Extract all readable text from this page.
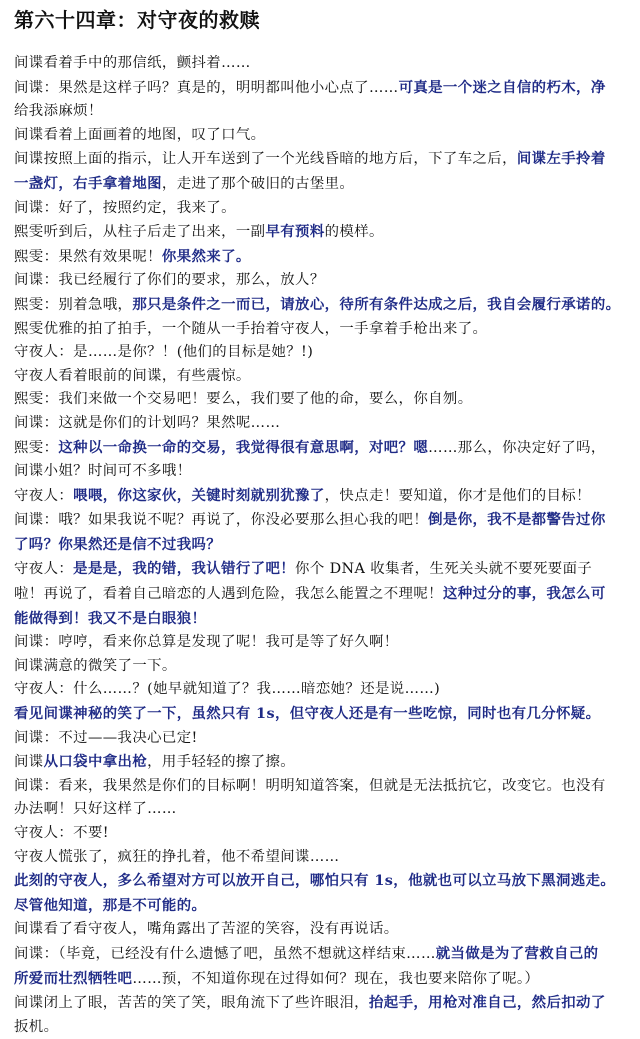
第六十四章：对守夜的救赎
间谍看着手中的那信纸，颤抖着……
间谍：果然是这样子吗？真是的，明明都叫他小心点了……可真是一个迷之自信的朽木，净
给我添麻烦！
间谍看着上面画着的地图，叹了口气。
间谍按照上面的指示，让人开车送到了一个光线昏暗的地方后，下了车之后，间谍左手拎着
一盏灯，右手拿着地图，走进了那个破旧的古堡里。
间谍：好了，按照约定，我来了。
熙雯听到后，从柱子后走了出来，一副早有预料的模样。
熙雯：果然有效果呢！你果然来了。
间谍：我已经履行了你们的要求，那么，放人？
熙雯：别着急哦，那只是条件之一而已，请放心，待所有条件达成之后，我自会履行承诺的。
熙雯优雅的拍了拍手，一个随从一手抬着守夜人，一手拿着手枪出来了。
守夜人：是……是你？！(他们的目标是她？!)
守夜人看着眼前的间谍，有些震惊。
熙雯：我们来做一个交易吧！要么，我们要了他的命，要么，你自刎。
间谍：这就是你们的计划吗？果然呢……
熙雯：这种以一命换一命的交易，我觉得很有意思啊，对吧？嗯……那么，你决定好了吗，
间谍小姐？时间可不多哦！
守夜人：喂喂，你这家伙，关键时刻就别犹豫了，快点走！要知道，你才是他们的目标！
间谍：哦？如果我说不呢？再说了，你没必要那么担心我的吧！倒是你，我不是都警告过你
了吗？你果然还是信不过我吗？
守夜人：是是是，我的错，我认错行了吧！你个 DNA 收集者，生死关头就不要死要面子
啦！再说了，看着自己暗恋的人遇到危险，我怎么能置之不理呢！这种过分的事，我怎么可
能做得到！我又不是白眼狼！
间谍：哼哼，看来你总算是发现了呢！我可是等了好久啊！
间谍满意的微笑了一下。
守夜人：什么……？(她早就知道了？我……暗恋她？还是说……)
看见间谍神秘的笑了一下，虽然只有 1s，但守夜人还是有一些吃惊，同时也有几分怀疑。
间谍：不过——我决心已定!
间谍从口袋中拿出枪，用手轻轻的擦了擦。
间谍：看来，我果然是你们的目标啊！明明知道答案，但就是无法抵抗它，改变它。也没有
办法啊！只好这样了……
守夜人：不要!
守夜人慌张了，疯狂的挣扎着，他不希望间谍……
此刻的守夜人，多么希望对方可以放开自己，哪怕只有 1s，他就也可以立马放下黑洞逃走。
尽管他知道，那是不可能的。
间谍看了看守夜人，嘴角露出了苦涩的笑容，没有再说话。
间谍：（毕竟，已经没有什么遗憾了吧，虽然不想就这样结束……就当做是为了营救自己的
所爱而壮烈牺牲吧……预，不知道你现在过得如何？现在，我也要来陪你了呢。）
间谍闭上了眼，苦苦的笑了笑，眼角流下了些许眼泪，抬起手，用枪对准自己，然后扣动了
扳机。
